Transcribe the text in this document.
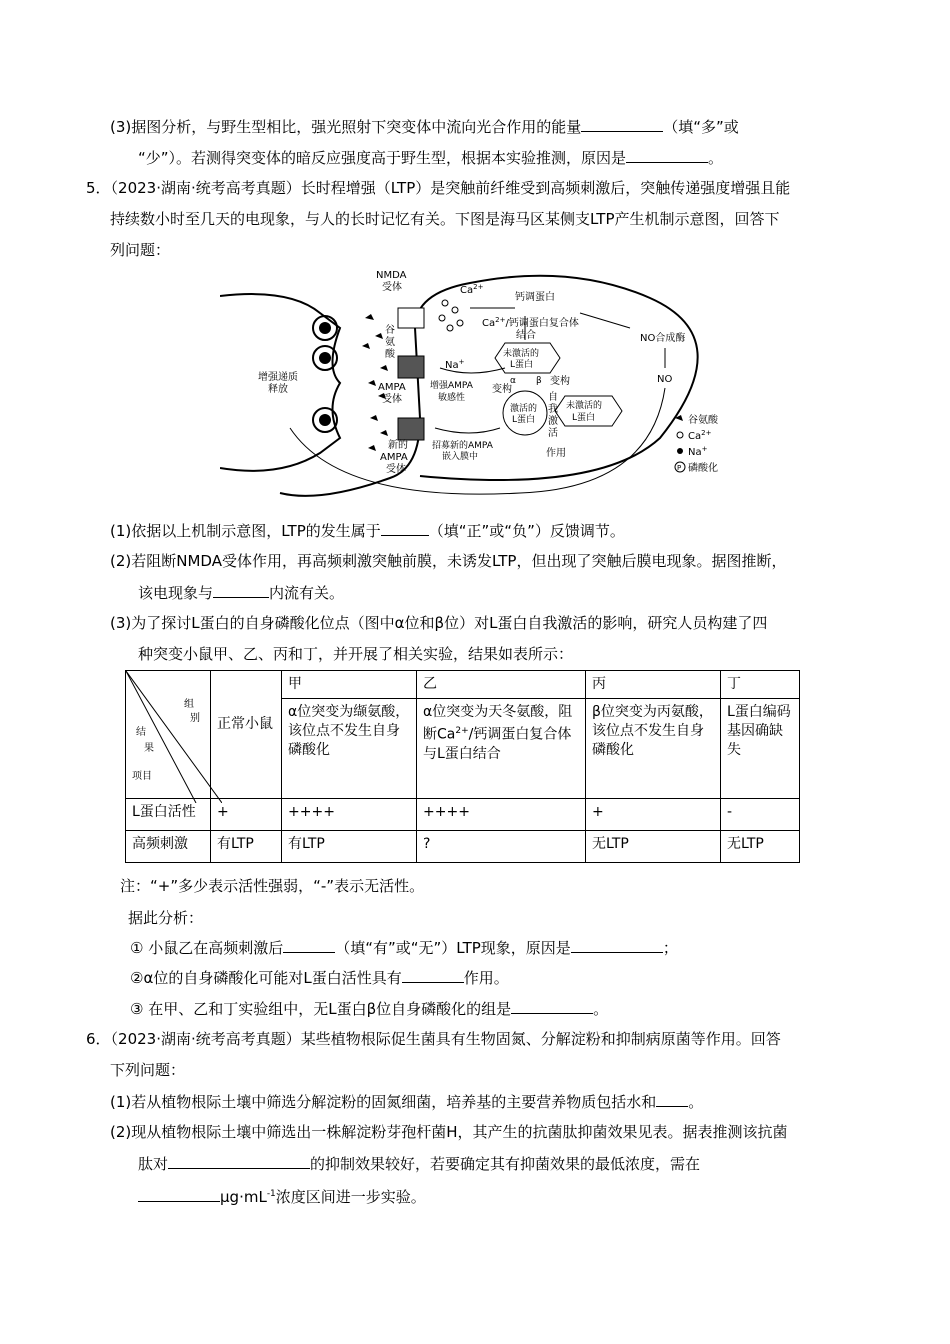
(3)据图分析，与野生型相比，强光照射下突变体中流向光合作用的能量	（填“多”或
“少”）。若测得突变体的暗反应强度高于野生型，根据本实验推测，原因是	。
5．（2023·湖南·统考高考真题）长时程增强（LTP）是突触前纤维受到高频刺激后，突触传递强度增强且能
持续数小时至几天的电现象，与人的长时记忆有关。下图是海马区某侧支LTP产生机制示意图，回答下
列问题：
NMDA
受体	$Ca^{2+}$
钙调蛋白
$Ca^{2+}/$钙调蛋白复合体
结合
谷
氨
酸
Na+
NO合成酶
NO
未激活的
L蛋白
α β
变构
变构
增强AMPA
敏感性
AMPA
受体
激活的
L蛋白
自
我
激
活
作用
未激活的
L蛋白
招募新的AMPA
嵌入膜中
新的
AMPA
受体
增强递质
释放
谷氨酸
$Ca^{2+}$
Na+
P 磷酸化
(1)依据以上机制示意图，LTP的发生属于	（填“正”或“负”）反馈调节。
(2)若阻断NMDA受体作用，再高频刺激突触前膜，未诱发LTP，但出现了突触后膜电现象。据图推断，
该电现象与	内流有关。
(3)为了探讨L蛋白的自身磷酸化位点（图中α位和β位）对L蛋白自我激活的影响，研究人员构建了四
种突变小鼠甲、乙、丙和丁，并开展了相关实验，结果如表所示：
组
别
结
果
项目	正常小鼠	甲	乙	丙	丁
		α位突变为缬氨酸，该位点不发生自身磷酸化	α位突变为天冬氨酸，阻断$Ca^{2+}/$钙调蛋白复合体与L蛋白结合	β位突变为丙氨酸，该位点不发生自身磷酸化	L蛋白编码基因确缺失
L蛋白活性	+	++++	++++	+	-
高频刺激	有LTP	有LTP	?	无LTP	无LTP
注：“+”多少表示活性强弱，“-”表示无活性。
据此分析：
① 小鼠乙在高频刺激后	（填“有”或“无”）LTP现象，原因是	；
②α位的自身磷酸化可能对L蛋白活性具有	作用。
③ 在甲、乙和丁实验组中，无L蛋白β位自身磷酸化的组是	。
6．（2023·湖南·统考高考真题）某些植物根际促生菌具有生物固氮、分解淀粉和抑制病原菌等作用。回答
下列问题：
(1)若从植物根际土壤中筛选分解淀粉的固氮细菌，培养基的主要营养物质包括水和 。
(2)现从植物根际土壤中筛选出一株解淀粉芽孢杆菌H，其产生的抗菌肽抑菌效果见表。据表推测该抗菌
肽对	的抑制效果较好，若要确定其有抑菌效果的最低浓度，需在
$\mu g\cdot mL^{-1}$浓度区间进一步实验。
